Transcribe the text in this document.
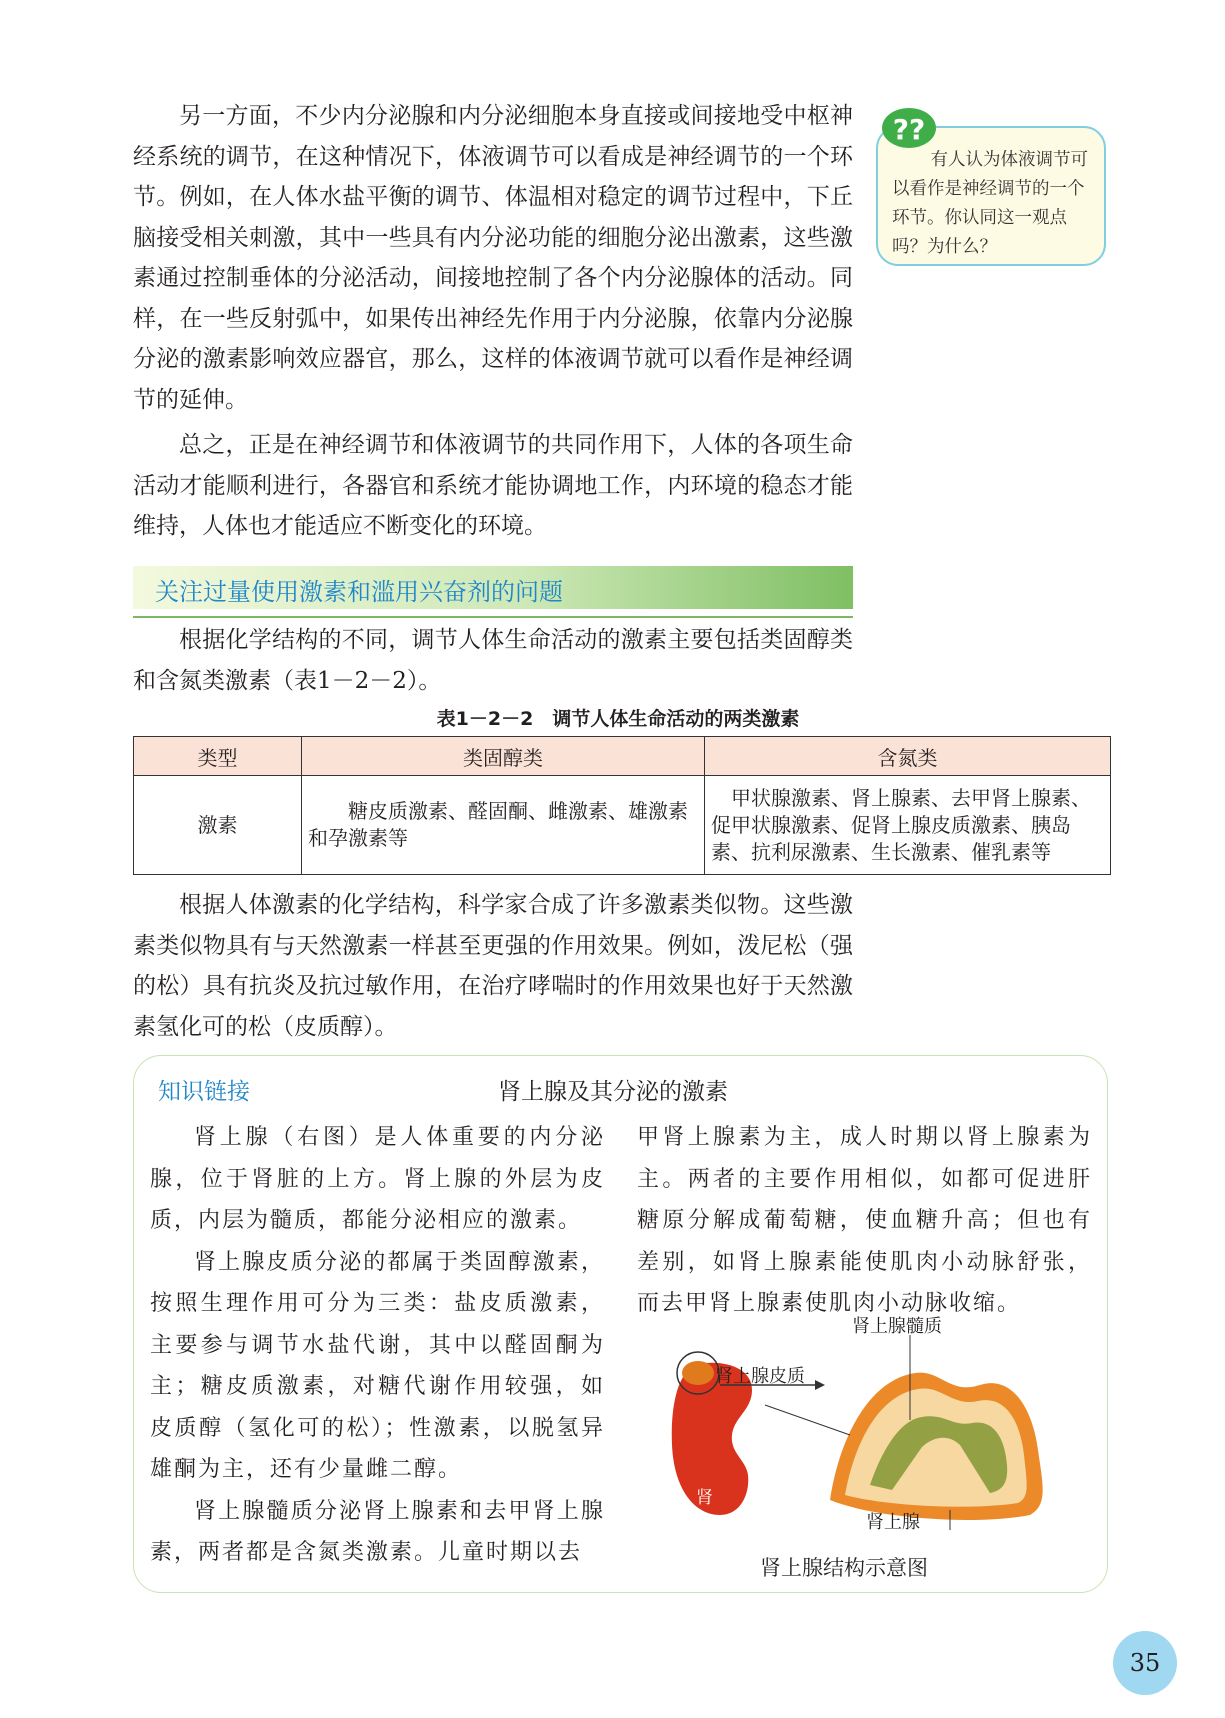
另一方面，不少内分泌腺和内分泌细胞本身直接或间接地受中枢神经系统的调节，在这种情况下，体液调节可以看成是神经调节的一个环节。例如，在人体水盐平衡的调节、体温相对稳定的调节过程中，下丘脑接受相关刺激，其中一些具有内分泌功能的细胞分泌出激素，这些激素通过控制垂体的分泌活动，间接地控制了各个内分泌腺体的活动。同样，在一些反射弧中，如果传出神经先作用于内分泌腺，依靠内分泌腺分泌的激素影响效应器官，那么，这样的体液调节就可以看作是神经调节的延伸。

总之，正是在神经调节和体液调节的共同作用下，人体的各项生命活动才能顺利进行，各器官和系统才能协调地工作，内环境的稳态才能维持，人体也才能适应不断变化的环境。

有人认为体液调节可以看作是神经调节的一个环节。你认同这一观点吗？为什么？
??
关注过量使用激素和滥用兴奋剂的问题

根据化学结构的不同，调节人体生命活动的激素主要包括类固醇类和含氮类激素（表1－2－2）。

表1－2－2　调节人体生命活动的两类激素
类型	类固醇类	含氮类
激素	糖皮质激素、醛固酮、雌激素、雄激素和孕激素等	甲状腺激素、肾上腺素、去甲肾上腺素、促甲状腺激素、促肾上腺皮质激素、胰岛素、抗利尿激素、生长激素、催乳素等

根据人体激素的化学结构，科学家合成了许多激素类似物。这些激素类似物具有与天然激素一样甚至更强的作用效果。例如，泼尼松（强的松）具有抗炎及抗过敏作用，在治疗哮喘时的作用效果也好于天然激素氢化可的松（皮质醇）。

知识链接	肾上腺及其分泌的激素

肾上腺（右图）是人体重要的内分泌腺，位于肾脏的上方。肾上腺的外层为皮质，内层为髓质，都能分泌相应的激素。

肾上腺皮质分泌的都属于类固醇激素，按照生理作用可分为三类：盐皮质激素，主要参与调节水盐代谢，其中以醛固酮为主；糖皮质激素，对糖代谢作用较强，如皮质醇（氢化可的松）；性激素，以脱氢异雄酮为主，还有少量雌二醇。

肾上腺髓质分泌肾上腺素和去甲肾上腺素，两者都是含氮类激素。儿童时期以去

甲肾上腺素为主，成人时期以肾上腺素为主。两者的主要作用相似，如都可促进肝糖原分解成葡萄糖，使血糖升高；但也有差别，如肾上腺素能使肌肉小动脉舒张，而去甲肾上腺素使肌肉小动脉收缩。

肾
肾上腺髓质
肾上腺皮质
肾上腺
肾上腺结构示意图
35
